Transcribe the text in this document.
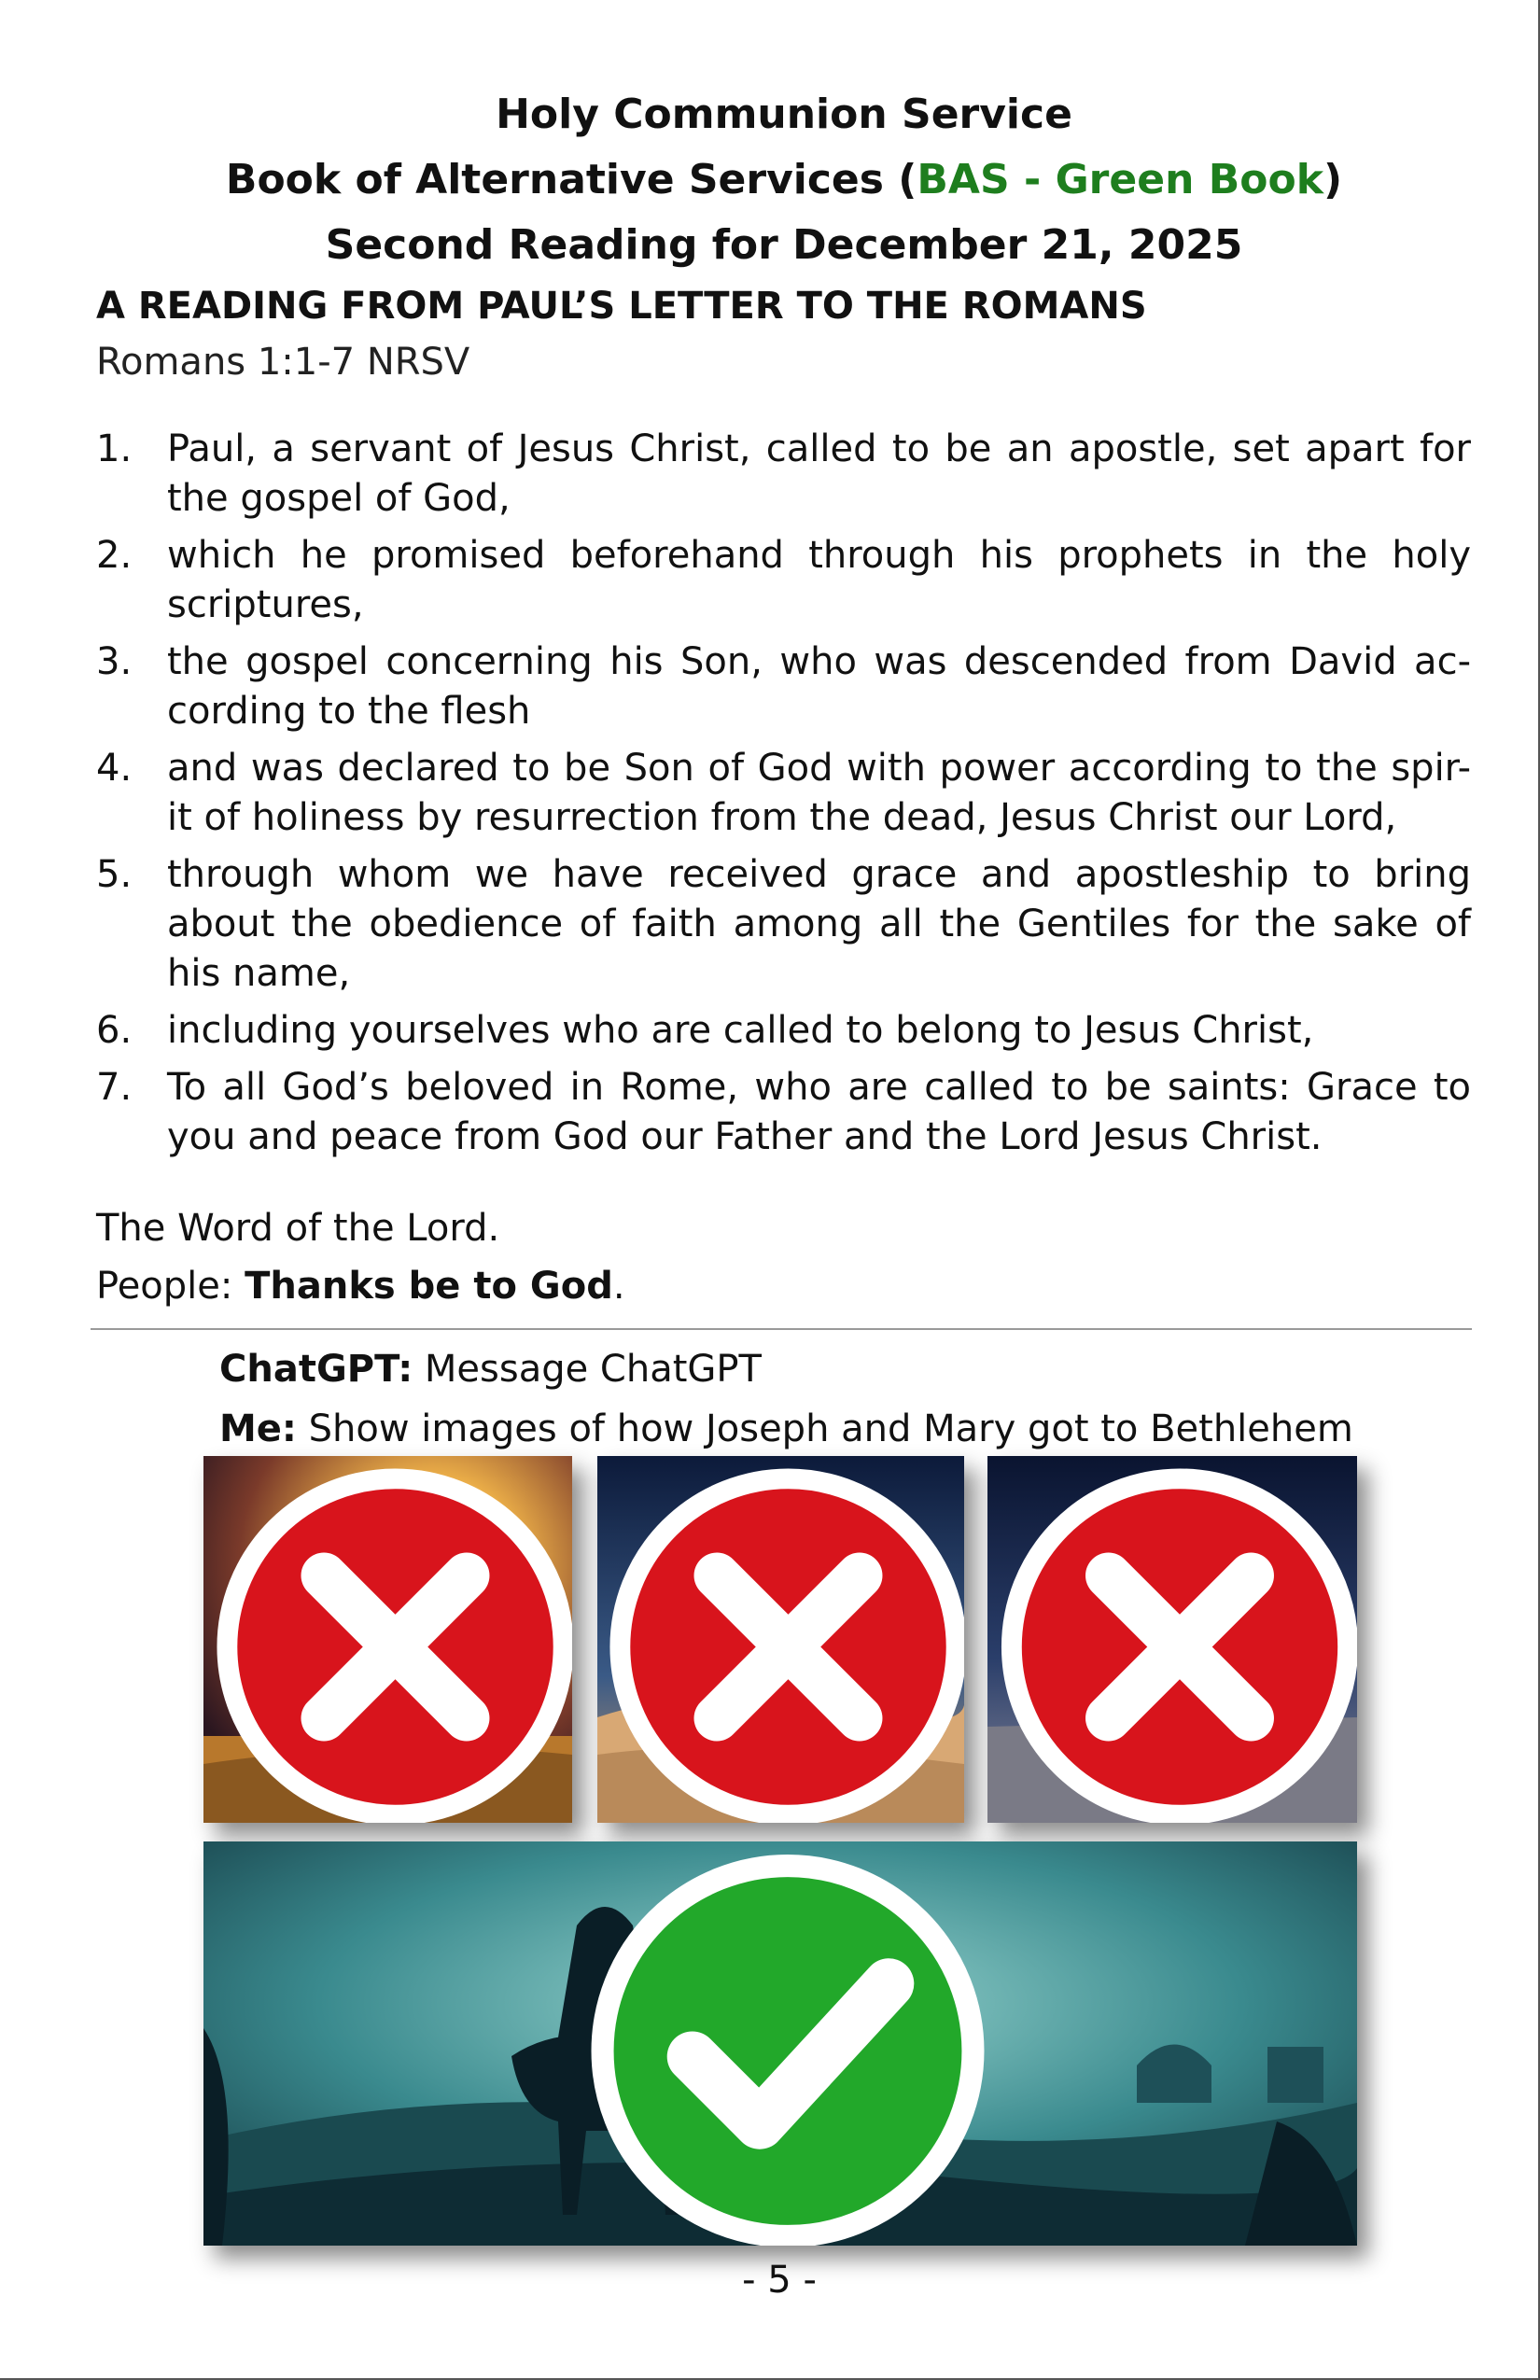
Holy Communion Service
Book of Alternative Services (BAS - Green Book)
Second Reading for December 21, 2025
A READING FROM PAUL’S LETTER TO THE ROMANS
Romans 1:1-7 NRSV
1. Paul, a servant of Jesus Christ, called to be an apostle, set apart for the gospel of God,
2. which he promised beforehand through his prophets in the holy scriptures,
3. the gospel concerning his Son, who was descended from David ac-cording to the flesh
4. and was declared to be Son of God with power according to the spir-it of holiness by resurrection from the dead, Jesus Christ our Lord,
5. through whom we have received grace and apostleship to bring about the obedience of faith among all the Gentiles for the sake of his name,
6. including yourselves who are called to belong to Jesus Christ,
7. To all God’s beloved in Rome, who are called to be saints: Grace to you and peace from God our Father and the Lord Jesus Christ.
The Word of the Lord.
People: Thanks be to God.
ChatGPT: Message ChatGPT
Me: Show images of how Joseph and Mary got to Bethlehem
- 5 -
